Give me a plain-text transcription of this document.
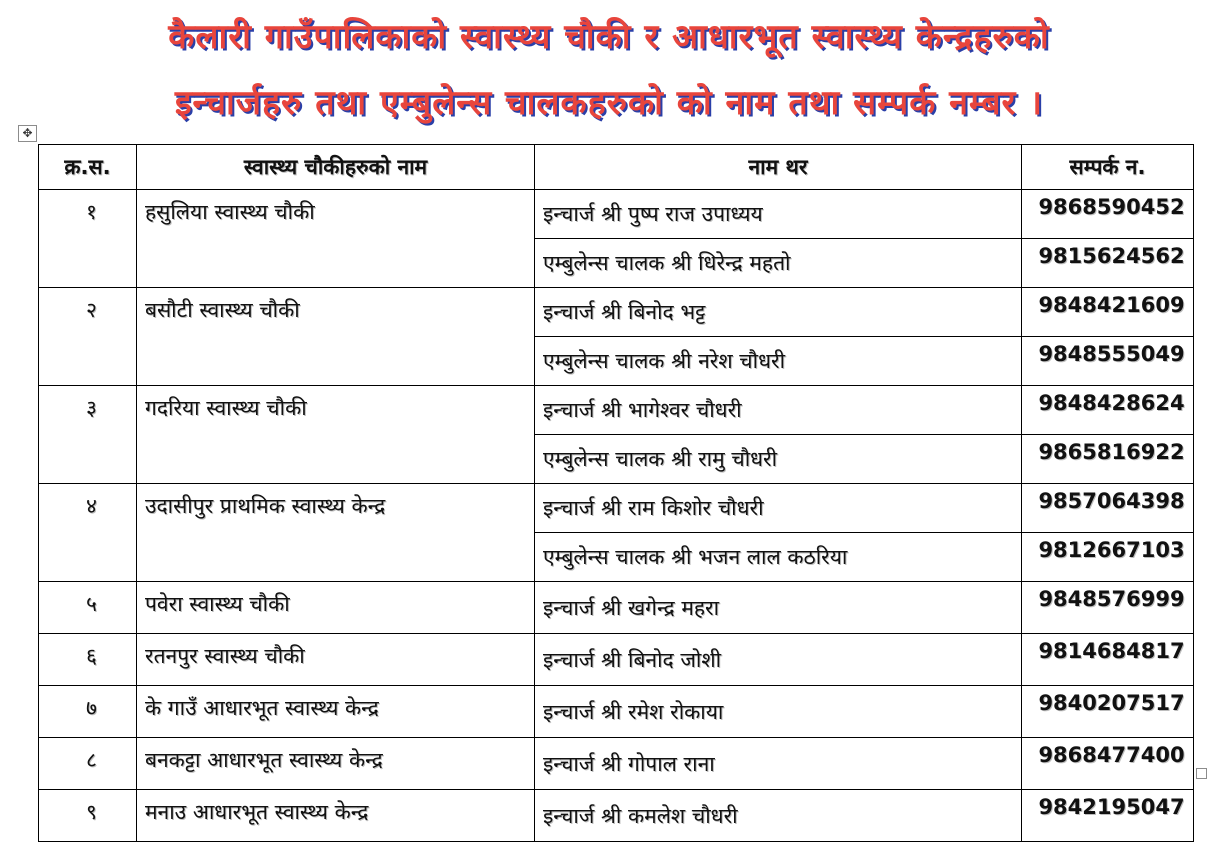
कैलारी गाउँपालिकाको स्वास्थ्य चौकी र आधारभूत स्वास्थ्य केन्द्रहरुको
इन्चार्जहरु तथा एम्बुलेन्स चालकहरुको को नाम तथा सम्पर्क नम्बर ।
✥
क्र.स.	स्वास्थ्य चौकीहरुको नाम	नाम थर	सम्पर्क न.
१	हसुलिया स्वास्थ्य चौकी	इन्चार्ज श्री पुष्प राज उपाध्यय	9868590452
		एम्बुलेन्स चालक श्री धिरेन्द्र महतो	9815624562
२	बसौटी स्वास्थ्य चौकी	इन्चार्ज श्री बिनोद भट्ट	9848421609
		एम्बुलेन्स चालक श्री नरेश चौधरी	9848555049
३	गदरिया स्वास्थ्य चौकी	इन्चार्ज श्री भागेश्वर चौधरी	9848428624
		एम्बुलेन्स चालक श्री रामु चौधरी	9865816922
४	उदासीपुर प्राथमिक स्वास्थ्य केन्द्र	इन्चार्ज श्री राम किशोर चौधरी	9857064398
		एम्बुलेन्स चालक श्री भजन लाल कठरिया	9812667103
५	पवेरा स्वास्थ्य चौकी	इन्चार्ज श्री खगेन्द्र महरा	9848576999
६	रतनपुर स्वास्थ्य चौकी	इन्चार्ज श्री बिनोद जोशी	9814684817
७	के गाउँ आधारभूत स्वास्थ्य केन्द्र	इन्चार्ज श्री रमेश रोकाया	9840207517
८	बनकट्टा आधारभूत स्वास्थ्य केन्द्र	इन्चार्ज श्री गोपाल राना	9868477400
९	मनाउ आधारभूत स्वास्थ्य केन्द्र	इन्चार्ज श्री कमलेश चौधरी	9842195047
